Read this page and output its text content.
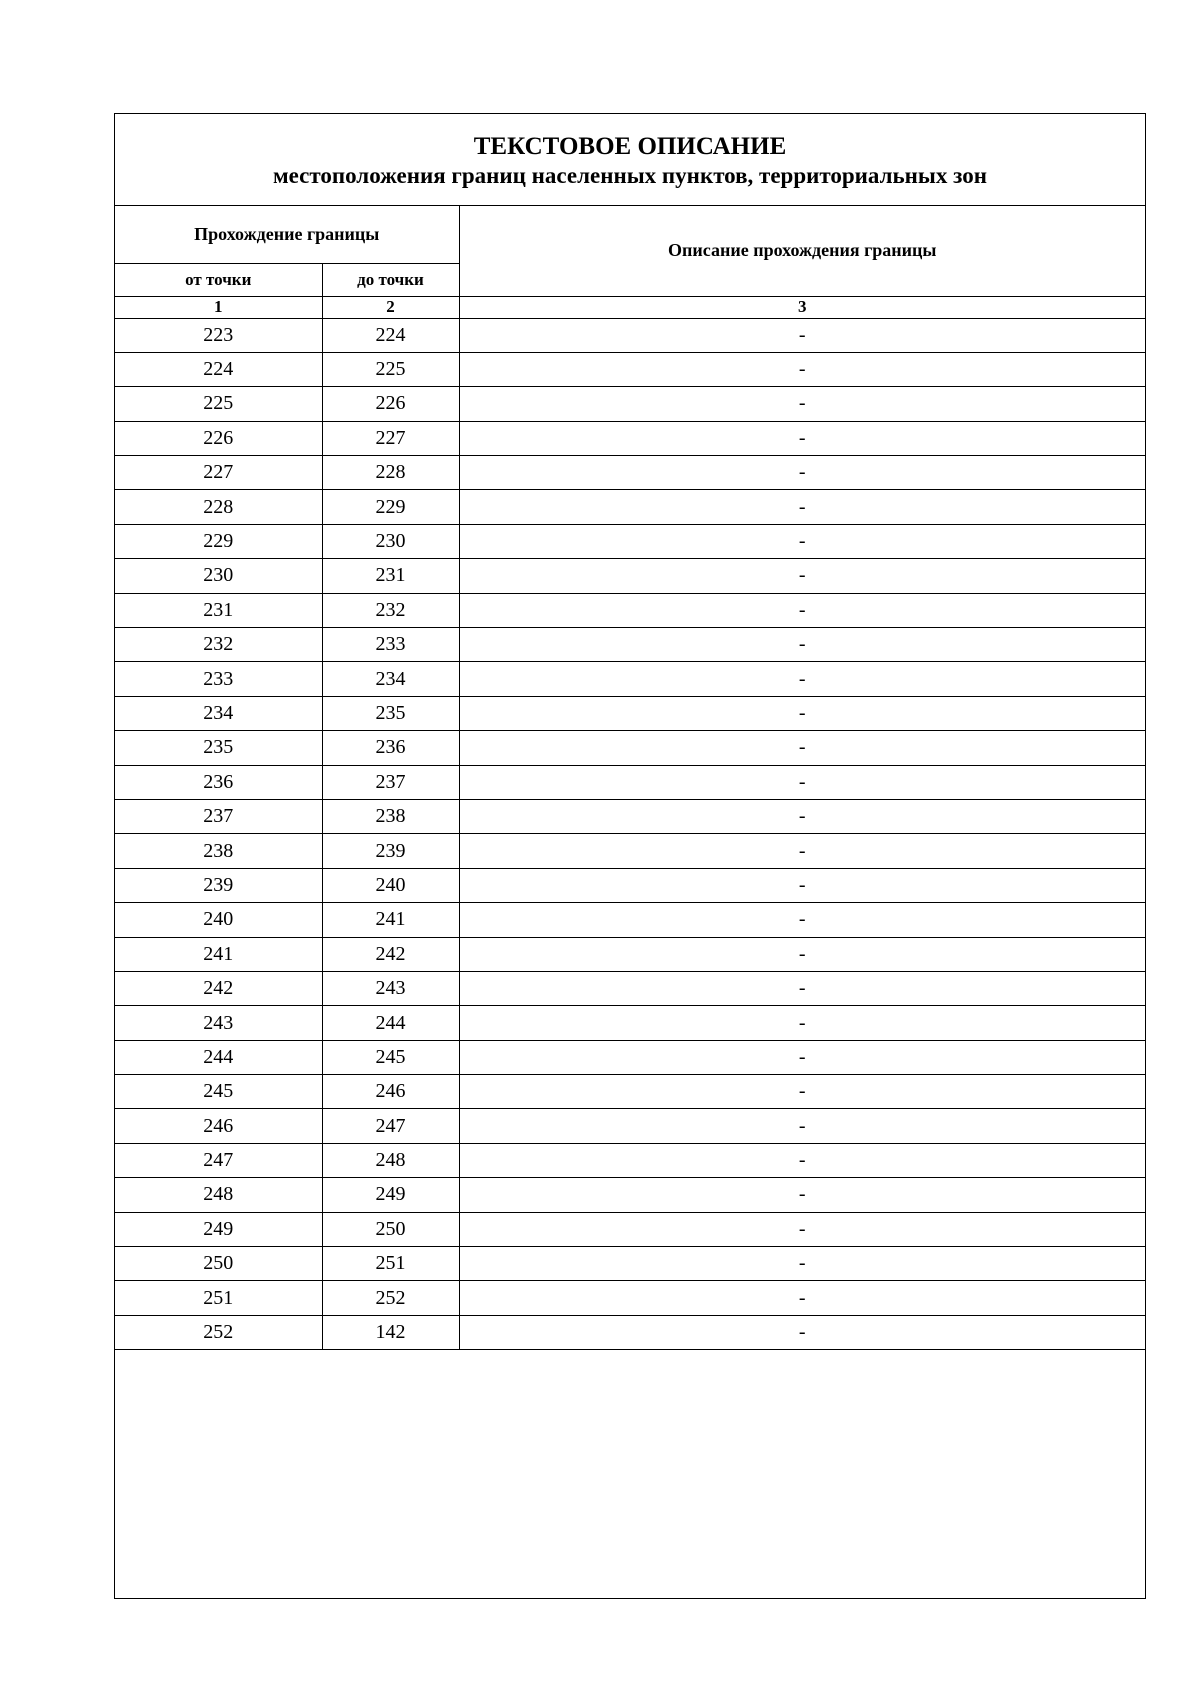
ТЕКСТОВОЕ ОПИСАНИЕ
местоположения границ населенных пунктов, территориальных зон
Прохождение границы		Описание прохождения границы
от точки	до точки	
1	2	3
223	224	-
224	225	-
225	226	-
226	227	-
227	228	-
228	229	-
229	230	-
230	231	-
231	232	-
232	233	-
233	234	-
234	235	-
235	236	-
236	237	-
237	238	-
238	239	-
239	240	-
240	241	-
241	242	-
242	243	-
243	244	-
244	245	-
245	246	-
246	247	-
247	248	-
248	249	-
249	250	-
250	251	-
251	252	-
252	142	-
